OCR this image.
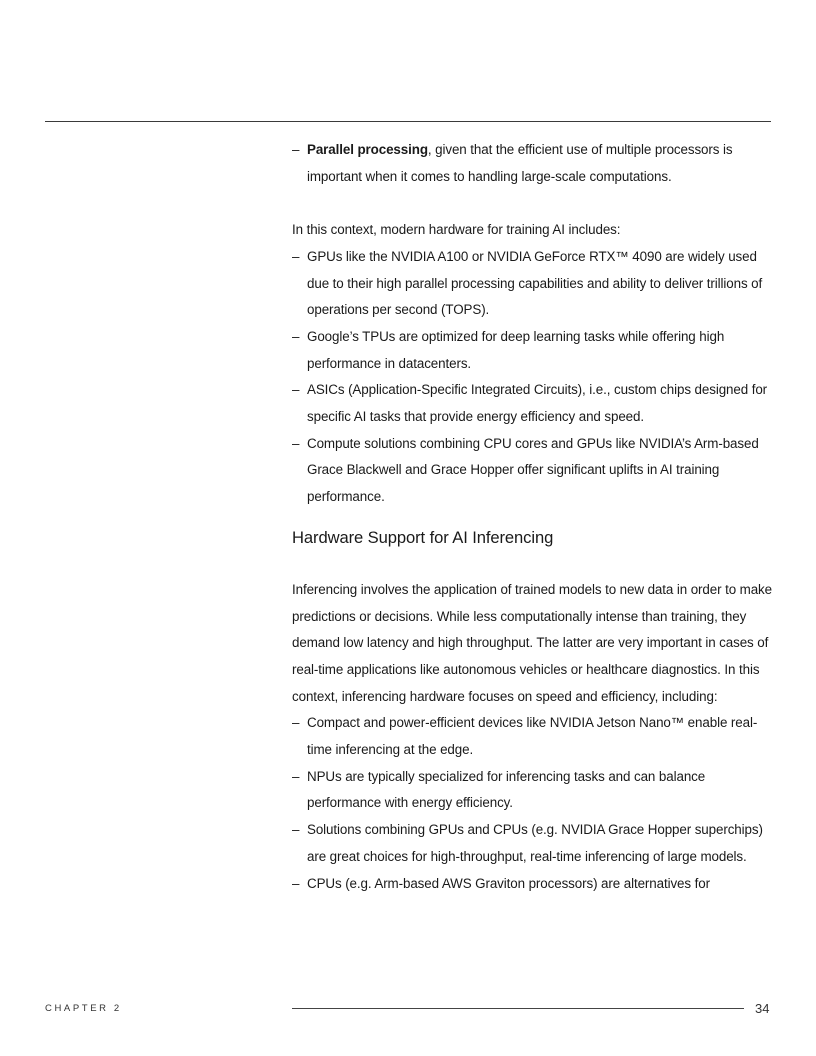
– Parallel processing, given that the efficient use of multiple processors is important when it comes to handling large-scale computations.

In this context, modern hardware for training AI includes:

– GPUs like the NVIDIA A100 or NVIDIA GeForce RTX™ 4090 are widely used due to their high parallel processing capabilities and ability to deliver trillions of operations per second (TOPS).
– Google’s TPUs are optimized for deep learning tasks while offering high performance in datacenters.
– ASICs (Application-Specific Integrated Circuits), i.e., custom chips designed for specific AI tasks that provide energy efficiency and speed.
– Compute solutions combining CPU cores and GPUs like NVIDIA’s Arm-based Grace Blackwell and Grace Hopper offer significant uplifts in AI training performance.
Hardware Support for AI Inferencing

Inferencing involves the application of trained models to new data in order to make predictions or decisions. While less computationally intense than training, they demand low latency and high throughput. The latter are very important in cases of real-time applications like autonomous vehicles or healthcare diagnostics. In this context, inferencing hardware focuses on speed and efficiency, including:

– Compact and power-efficient devices like NVIDIA Jetson Nano™ enable real-time inferencing at the edge.
– NPUs are typically specialized for inferencing tasks and can balance performance with energy efficiency.
– Solutions combining GPUs and CPUs (e.g. NVIDIA Grace Hopper superchips) are great choices for high-throughput, real-time inferencing of large models.
– CPUs (e.g. Arm-based AWS Graviton processors) are alternatives for
CHAPTER 2	34
